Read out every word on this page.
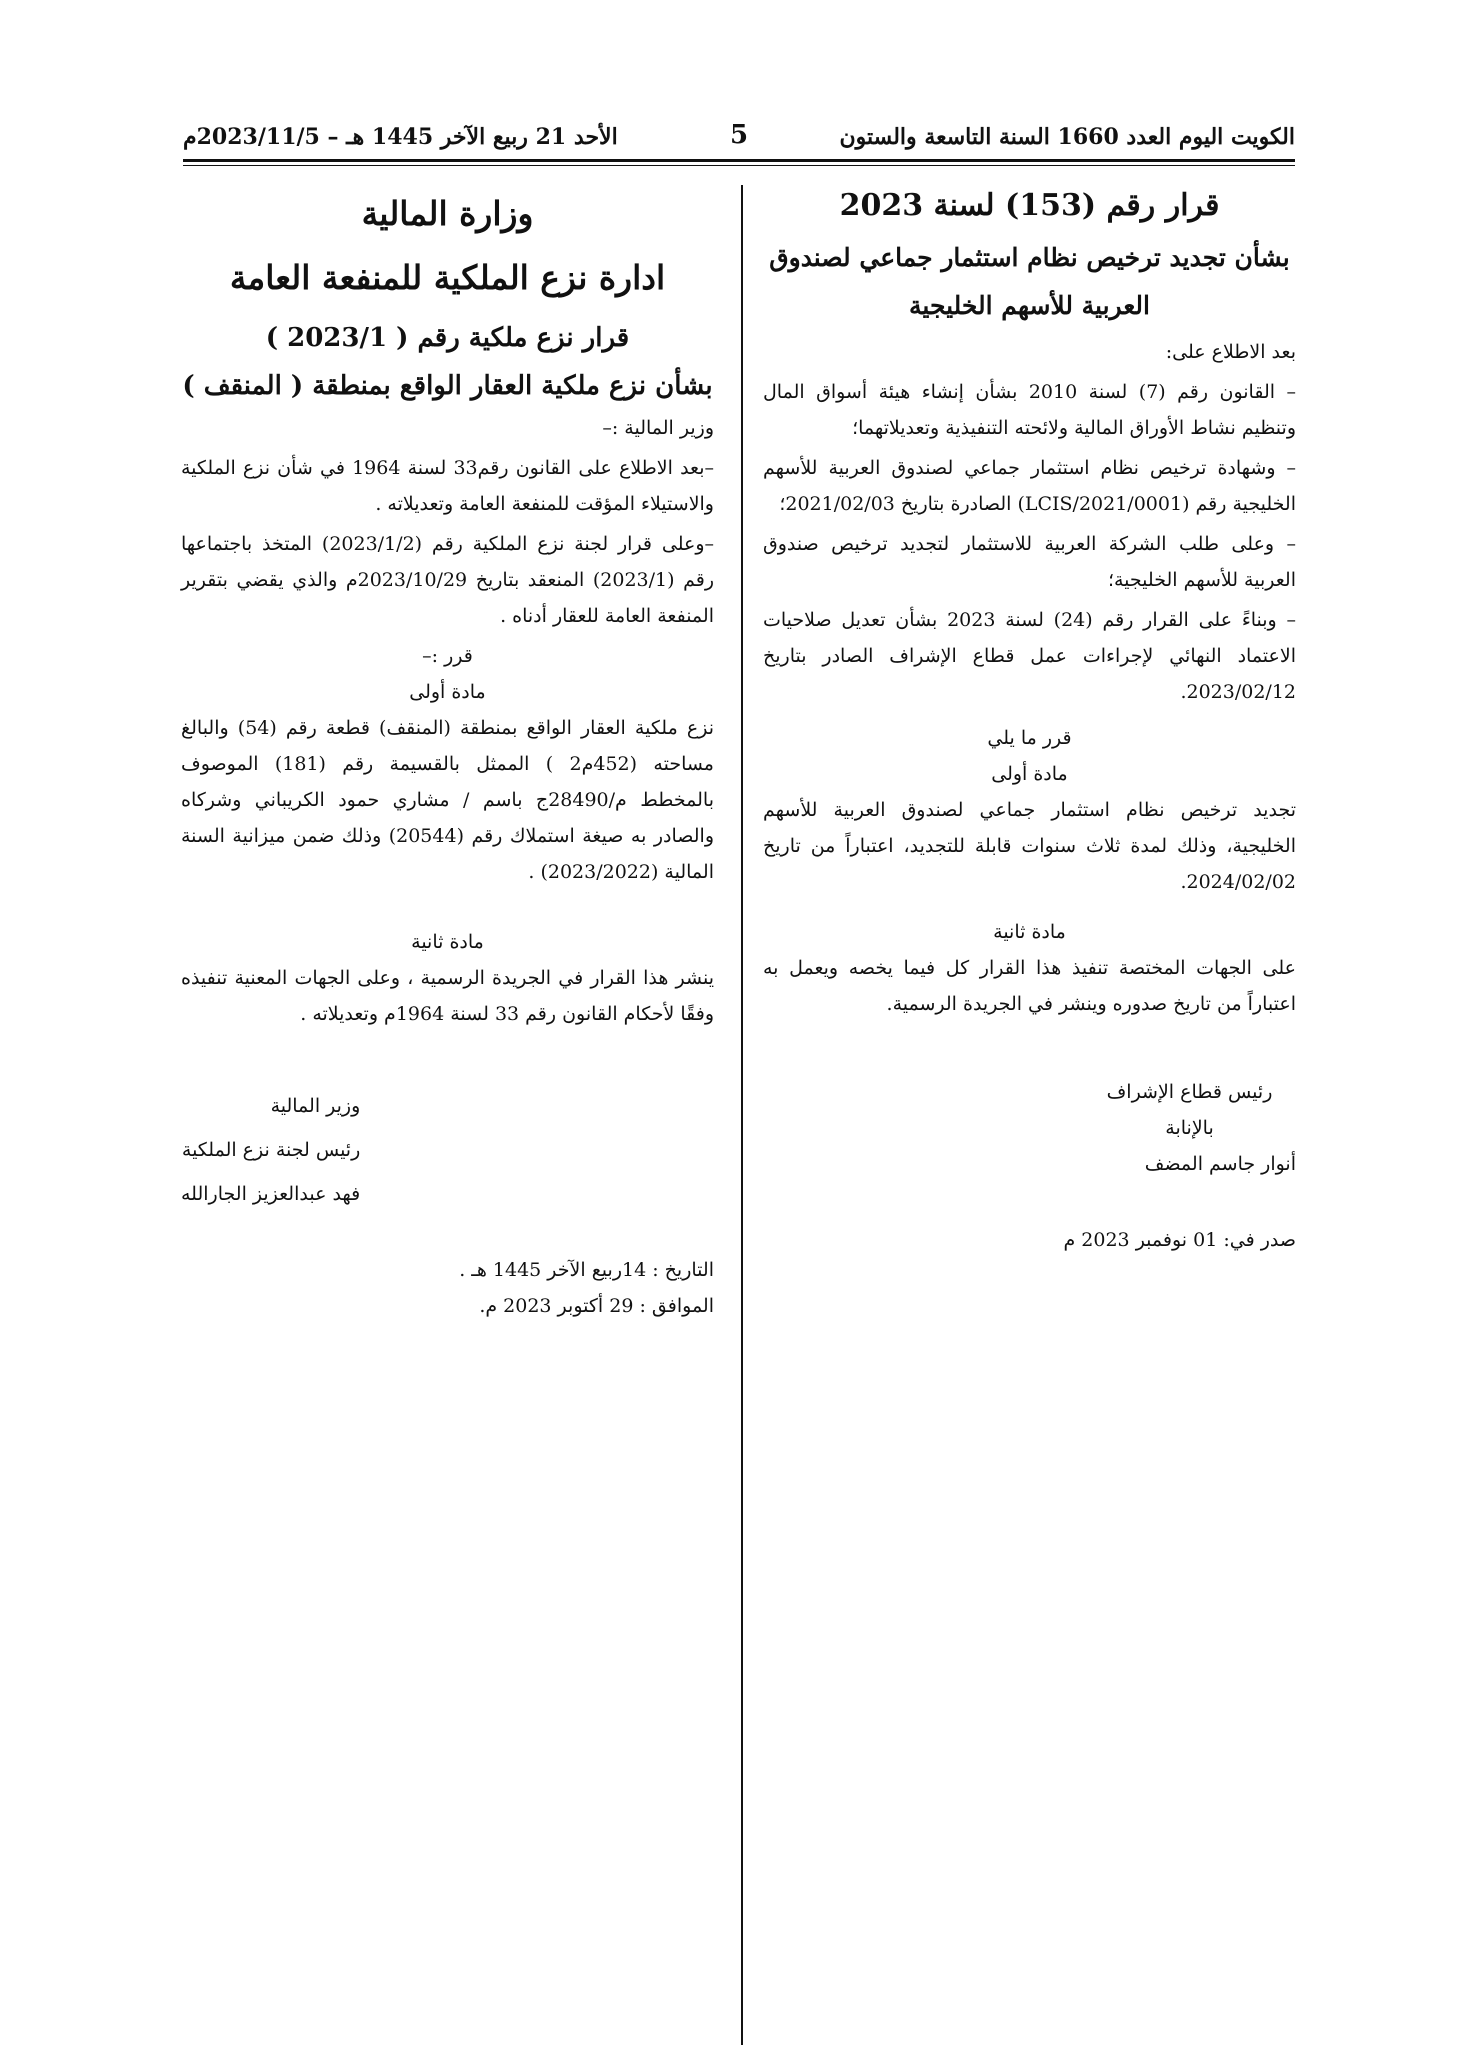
الكويت اليوم العدد 1660 السنة التاسعة والستون
5
الأحد 21 ربيع الآخر 1445 هـ – 2023/11/5م
قرار رقم (153) لسنة 2023
بشأن تجديد ترخيص نظام استثمار جماعي لصندوق
العربية للأسهم الخليجية
بعد الاطلاع على:
– القانون رقم (7) لسنة 2010 بشأن إنشاء هيئة أسواق المال وتنظيم نشاط الأوراق المالية ولائحته التنفيذية وتعديلاتهما؛
– وشهادة ترخيص نظام استثمار جماعي لصندوق العربية للأسهم الخليجية رقم (LCIS/2021/0001) الصادرة بتاريخ 2021/02/03؛
– وعلى طلب الشركة العربية للاستثمار لتجديد ترخيص صندوق العربية للأسهم الخليجية؛
– وبناءً على القرار رقم (24) لسنة 2023 بشأن تعديل صلاحيات الاعتماد النهائي لإجراءات عمل قطاع الإشراف الصادر بتاريخ 2023/02/12.
قرر ما يلي
مادة أولى
تجديد ترخيص نظام استثمار جماعي لصندوق العربية للأسهم الخليجية، وذلك لمدة ثلاث سنوات قابلة للتجديد، اعتباراً من تاريخ 2024/02/02.
مادة ثانية
على الجهات المختصة تنفيذ هذا القرار كل فيما يخصه ويعمل به اعتباراً من تاريخ صدوره وينشر في الجريدة الرسمية.
رئيس قطاع الإشراف بالإنابة
أنوار جاسم المضف
صدر في: 01 نوفمبر 2023 م
وزارة المالية
ادارة نزع الملكية للمنفعة العامة
قرار نزع ملكية رقم ( 2023/1 )
بشأن نزع ملكية العقار الواقع بمنطقة ( المنقف )
وزير المالية :–
–بعد الاطلاع على القانون رقم33 لسنة 1964 في شأن نزع الملكية والاستيلاء المؤقت للمنفعة العامة وتعديلاته .
–وعلى قرار لجنة نزع الملكية رقم (2023/1/2) المتخذ باجتماعها رقم (2023/1) المنعقد بتاريخ 2023/10/29م والذي يقضي بتقرير المنفعة العامة للعقار أدناه .
قرر :–
مادة أولى
نزع ملكية العقار الواقع بمنطقة (المنقف) قطعة رقم (54) والبالغ مساحته (452م2 ) الممثل بالقسيمة رقم (181) الموصوف بالمخطط م/28490ج باسم / مشاري حمود الكريباني وشركاه والصادر به صيغة استملاك رقم (20544) وذلك ضمن ميزانية السنة المالية (2023/2022) .
مادة ثانية
ينشر هذا القرار في الجريدة الرسمية ، وعلى الجهات المعنية تنفيذه وفقًا لأحكام القانون رقم 33 لسنة 1964م وتعديلاته .
وزير المالية
رئيس لجنة نزع الملكية
فهد عبدالعزيز الجارالله
التاريخ : 14ربيع الآخر 1445 هـ .
الموافق : 29 أكتوبر 2023 م.
